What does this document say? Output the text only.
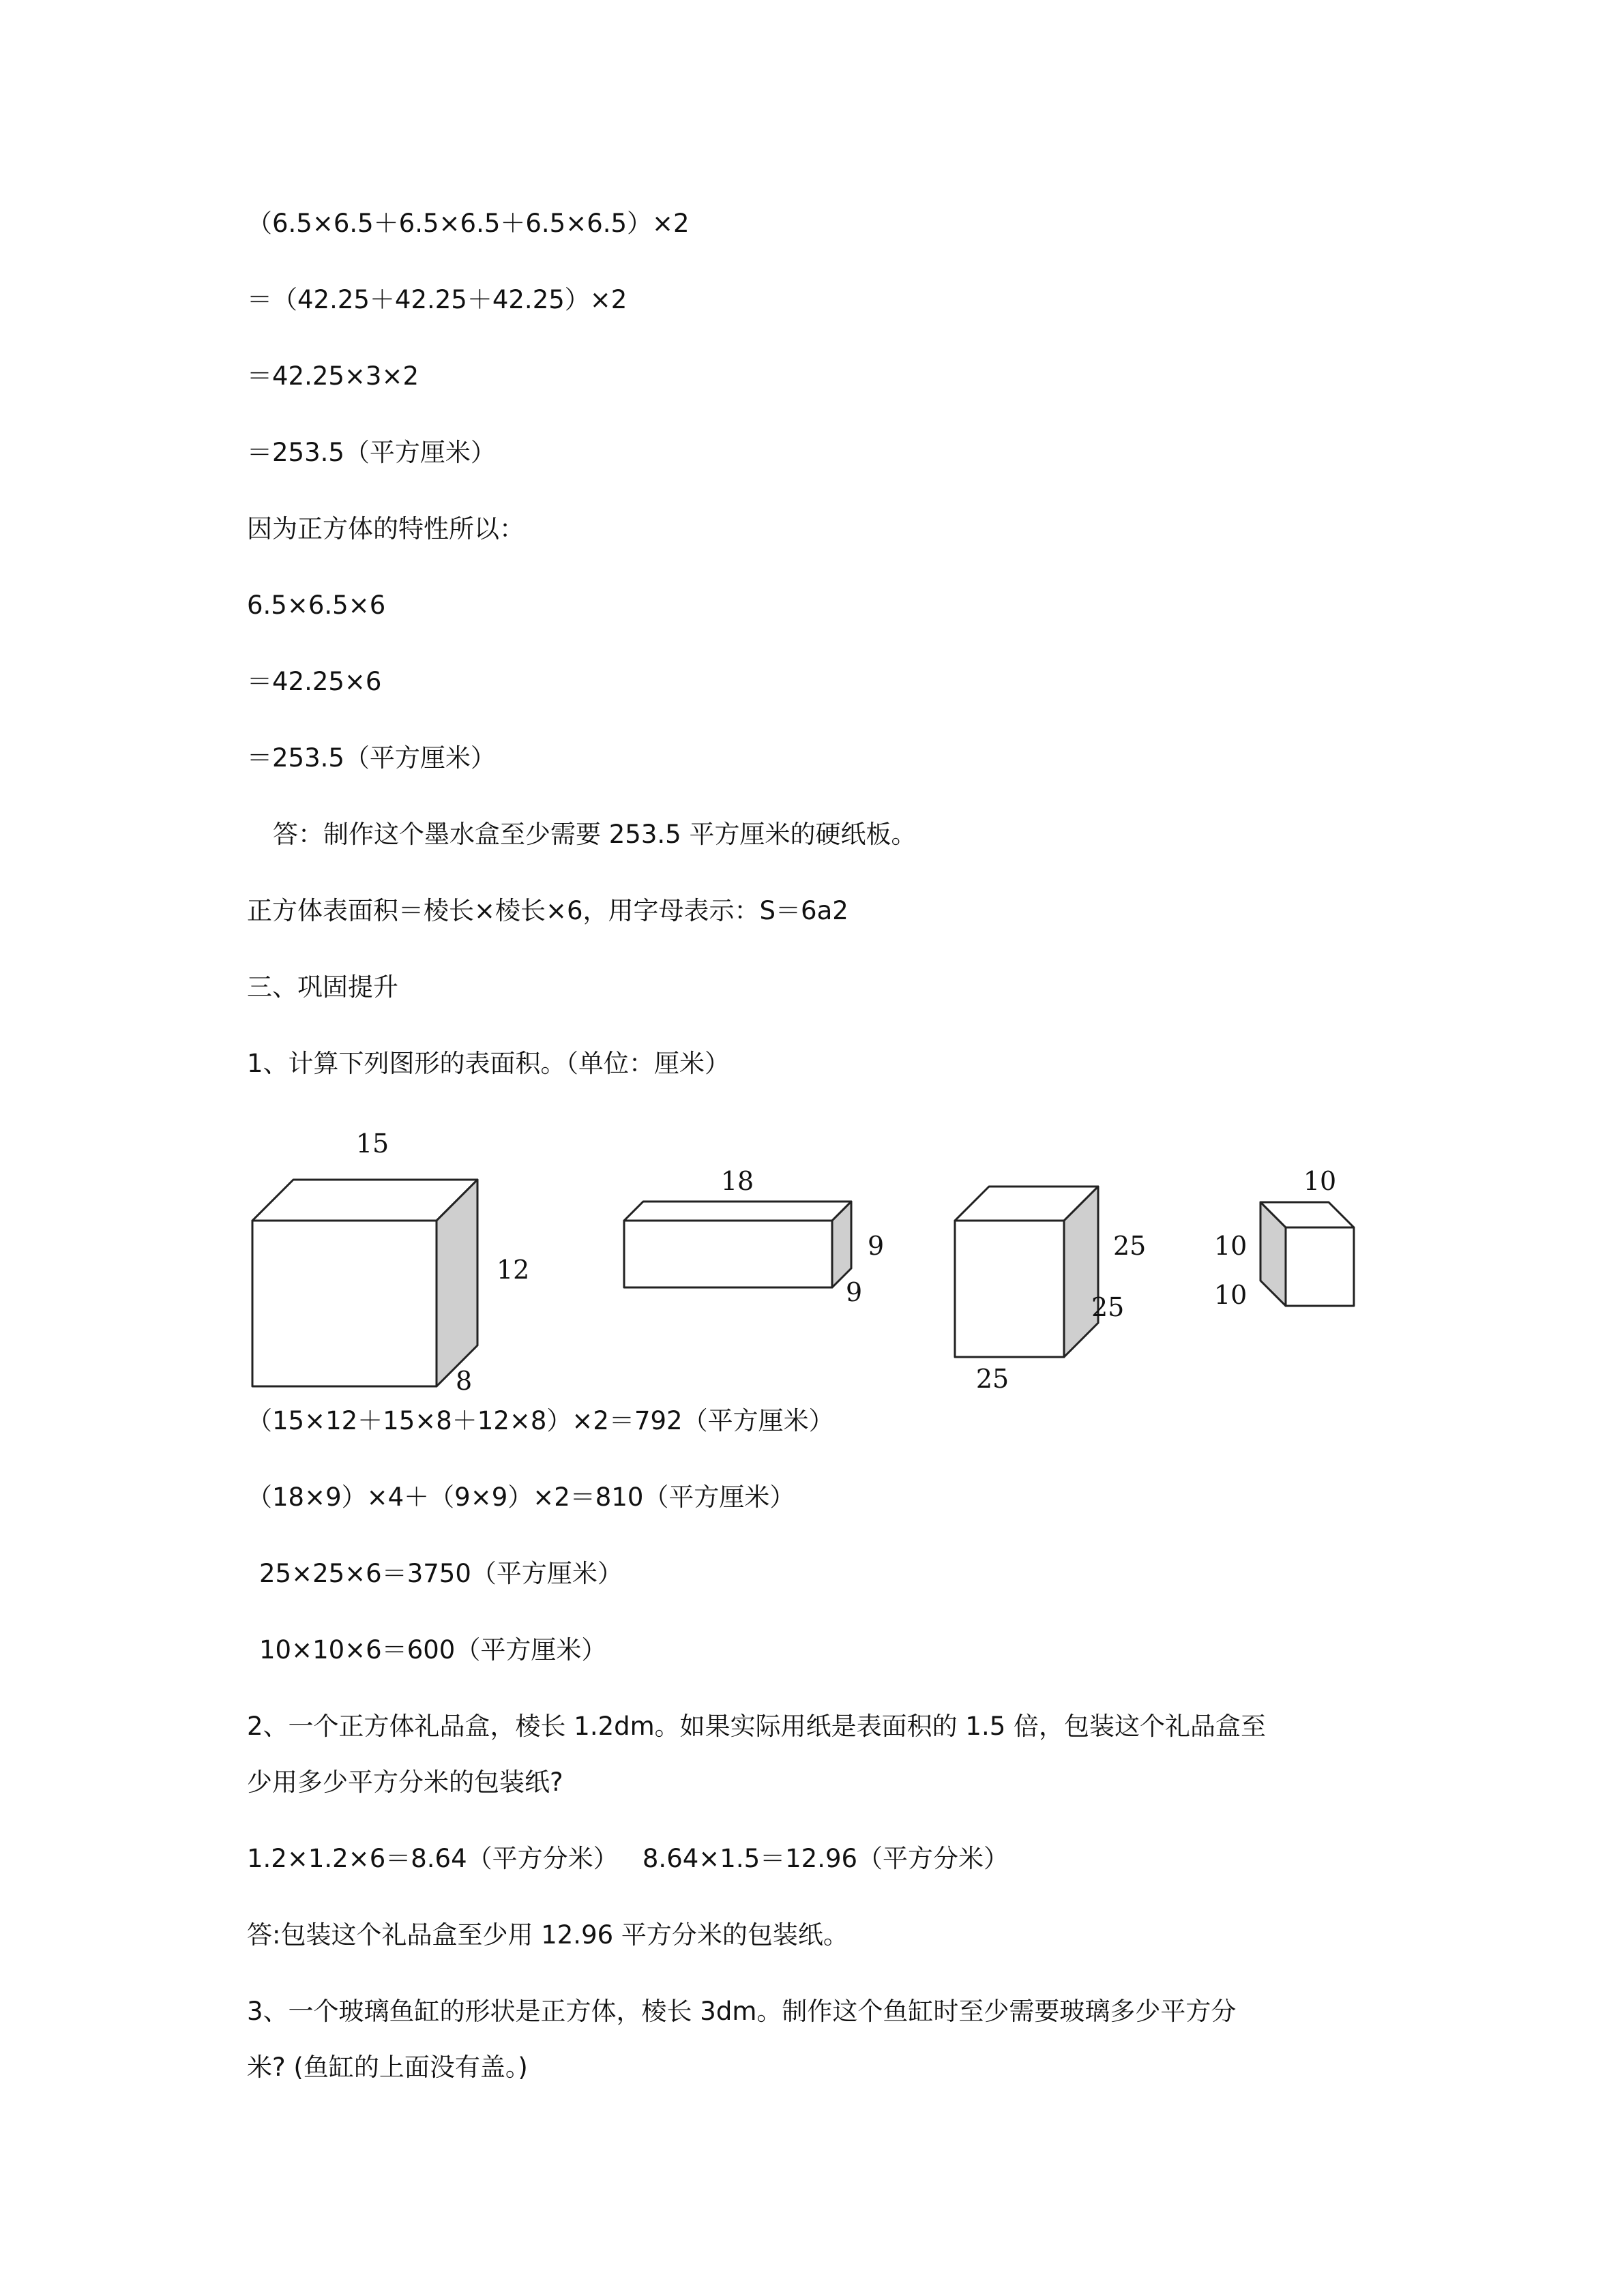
（6.5×6.5＋6.5×6.5＋6.5×6.5）×2
＝（42.25＋42.25＋42.25）×2
＝42.25×3×2
＝253.5（平方厘米）
因为正方体的特性所以：
6.5×6.5×6
＝42.25×6
＝253.5（平方厘米）
答：制作这个墨水盒至少需要 253.5 平方厘米的硬纸板。
正方体表面积＝棱长×棱长×6，用字母表示：S＝6a2
三、巩固提升
1、计算下列图形的表面积。（单位：厘米）
15
12
8
18
9
9
25
25
25
10
10
10
（15×12＋15×8＋12×8）×2＝792（平方厘米）
（18×9）×4＋（9×9）×2＝810（平方厘米）
25×25×6＝3750（平方厘米）
10×10×6＝600（平方厘米）
2、一个正方体礼品盒，棱长 1.2dm。如果实际用纸是表面积的 1.5 倍，包装这个礼品盒至
少用多少平方分米的包装纸?
1.2×1.2×6＝8.64（平方分米）   8.64×1.5＝12.96（平方分米）
答:包装这个礼品盒至少用 12.96 平方分米的包装纸。
3、一个玻璃鱼缸的形状是正方体，棱长 3dm。制作这个鱼缸时至少需要玻璃多少平方分
米? (鱼缸的上面没有盖。)
